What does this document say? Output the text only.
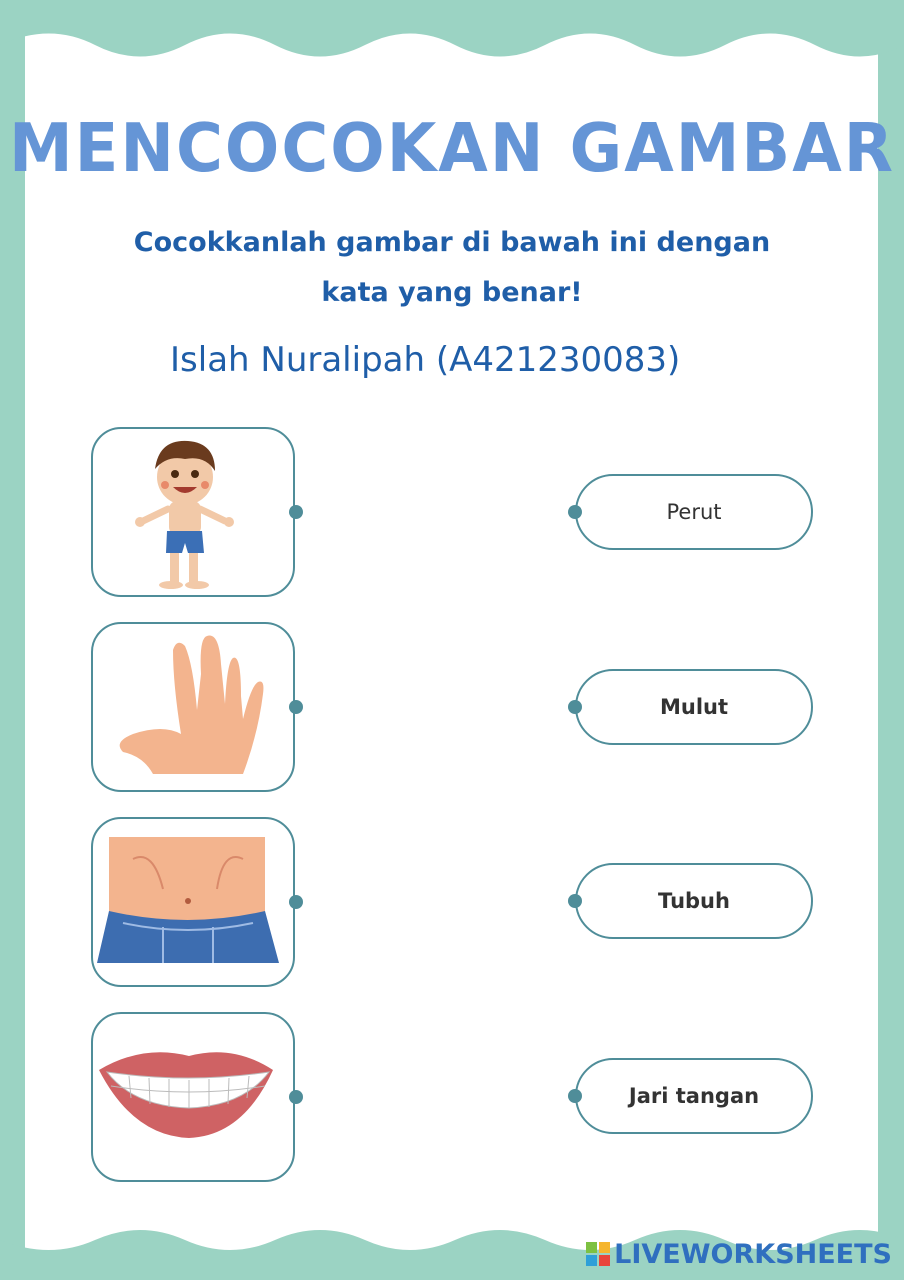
MENCOCOKAN GAMBAR
Cocokkanlah gambar di bawah ini dengan
kata yang benar!
Islah Nuralipah (A421230083)
Perut
Mulut
Tubuh
Jari tangan
LIVEWORKSHEETS
